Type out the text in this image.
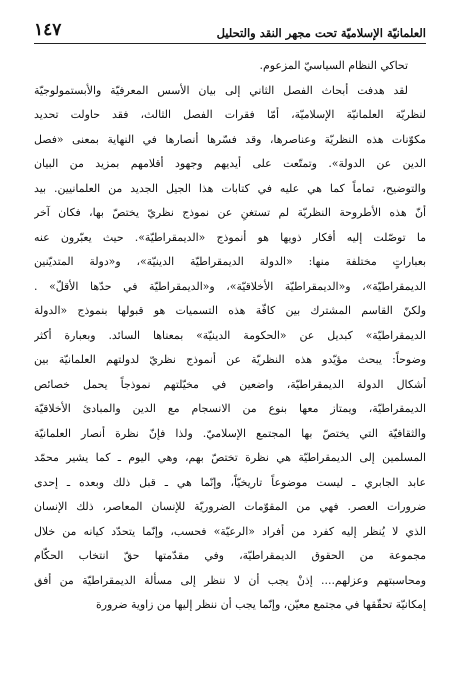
العلمانيّة الإسلاميّة تحت مجهر النقد والتحليل
١٤٧
تحاكي النظام السياسيّ المزعوم.
لقد هدفت أبحاث الفصل الثاني إلى بيان الأسس المعرفيّة والأبستمولوجيّة
لنظريّة العلمانيّة الإسلاميّة، أمّا فقرات الفصل الثالث، فقد حاولت تحديد
مكوّنات هذه النظريّة وعناصرها، وقد فسّرها أنصارها في النهاية بمعنى «فصل
الدين عن الدولة». وتمتّعت على أيديهم وجهود أقلامهم بمزيد من البيان
والتوضيح، تماماً كما هي عليه في كتابات هذا الجيل الجديد من العلمانيين. بيد
أنّ هذه الأطروحة النظريّة لم تستغنِ عن نموذج نظريّ يختصّ بها، فكان آخر
ما توصّلت إليه أفكار ذويها هو أنموذج «الديمقراطيّة». حيث يعبّرون عنه
بعباراتٍ مختلفة منها: «الدولة الديمقراطيّة الدينيّة»، و«دولة المتديّنين
الديمقراطيّة»، و«الديمقراطيّة الأخلاقيّة»، و«الديمقراطيّة في حدّها الأقلّ» .
ولكنّ القاسم المشترك بين كافّة هذه التسميات هو قبولها بنموذج «الدولة
الديمقراطيّة» كبديل عن «الحكومة الدينيّة» بمعناها السائد. وبعبارة أكثر
وضوحاً: يبحث مؤيّدو هذه النظريّة عن أنموذج نظريّ لدولتهم العلمانيّة بين
أشكال الدولة الديمقراطيّة، واضعين في مخيّلتهم نموذجاً يحمل خصائص
الديمقراطيّة، ويمتاز معها بنوع من الانسجام مع الدين والمبادئ الأخلاقيّة
والثقافيّة التي يختصّ بها المجتمع الإسلاميّ. ولذا فإنّ نظرة أنصار العلمانيّة
المسلمين إلى الديمقراطيّة هي نظرة تختصّ بهم، وهي اليوم ـ كما يشير محمّد
عابد الجابري ـ ليست موضوعاً تاريخيّاً، وإنّما هي ـ قبل ذلك وبعده ـ إحدى
ضرورات العصر. فهي من المقوّمات الضروريّة للإنسان المعاصر، ذلك الإنسان
الذي لا يُنظر إليه كفرد من أفراد «الرعيّة» فحسب، وإنّما يتحدّد كيانه من خلال
مجموعة من الحقوق الديمقراطيّة، وفي مقدّمتها حقّ انتخاب الحكّام
ومحاسبتهم وعزلهم.... إذنْ يجب أن لا ننظر إلى مسألة الديمقراطيّة من أفق
إمكانيّة تحقّقها في مجتمع معيّن، وإنّما يجب أن ننظر إليها من زاوية ضرورة
